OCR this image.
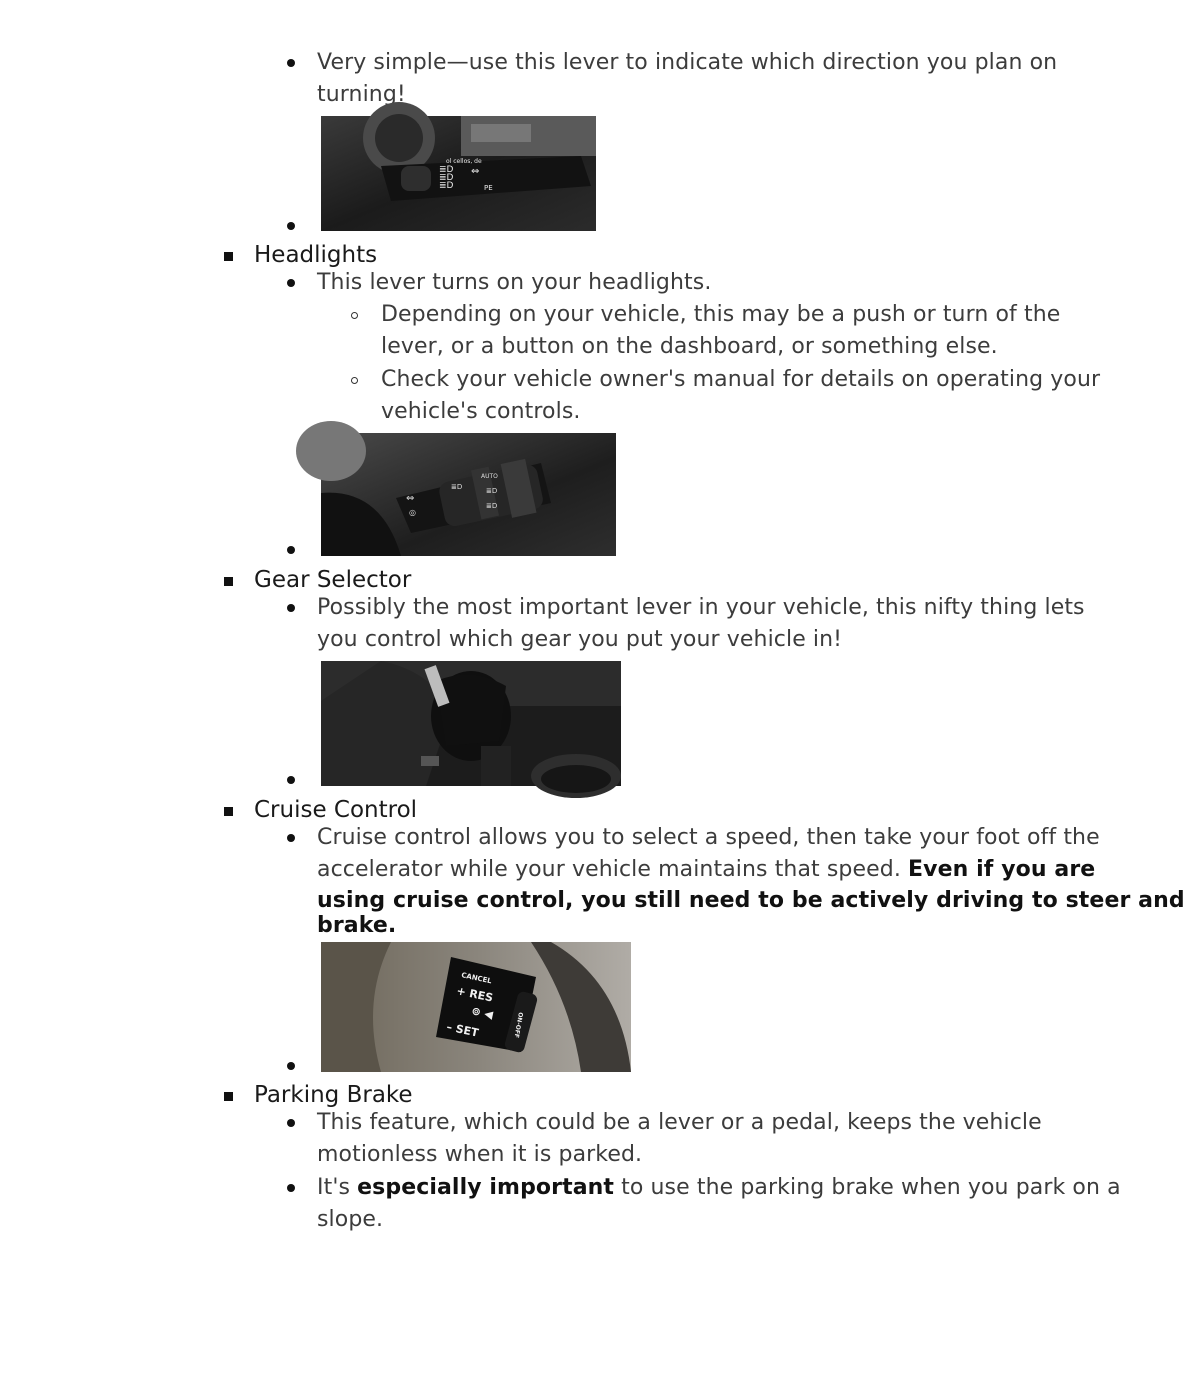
Very simple—use this lever to indicate which direction you plan on
turning!
ol cellos, de
≣D
≣D
≣D
⇔
PE
Headlights
This lever turns on your headlights.
Depending on your vehicle, this may be a push or turn of the
lever, or a button on the dashboard, or something else.
Check your vehicle owner's manual for details on operating your
vehicle's controls.
⇔
◎
≣D
AUTO
≣D
≣D
Gear Selector
Possibly the most important lever in your vehicle, this nifty thing lets
you control which gear you put your vehicle in!
Cruise Control
Cruise control allows you to select a speed, then take your foot off the
accelerator while your vehicle maintains that speed. Even if you are
using cruise control, you still need to be actively driving to steer and
brake.
CANCEL
+ RES
⊚ ◀
– SET	ON-OFF
Parking Brake
This feature, which could be a lever or a pedal, keeps the vehicle
motionless when it is parked.
It's especially important to use the parking brake when you park on a
slope.
